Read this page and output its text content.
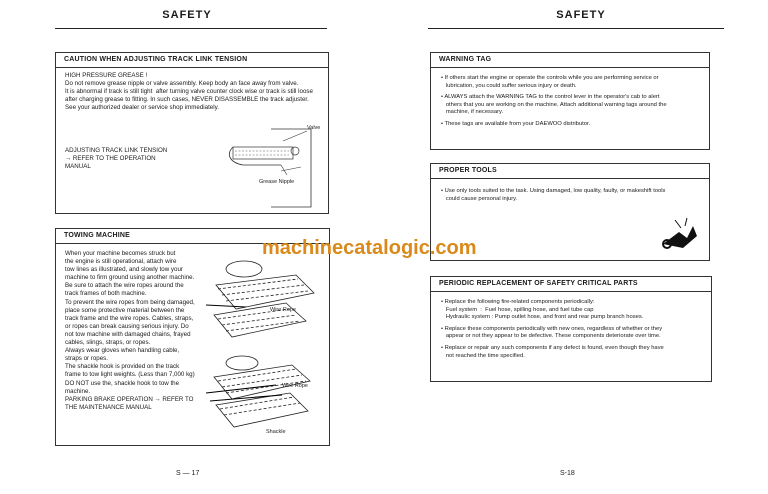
SAFETY
CAUTION WHEN ADJUSTING TRACK LINK TENSION
HIGH PRESSURE GREASE !
Do not remove grease nipple or valve assembly. Keep body an face away from valve.
It is abnormal if track is still tight  after turning valve counter clock wise or track is still loose
after charging grease to fitting. In such cases, NEVER DISASSEMBLE the track adjuster.
See your authorized dealer or service shop immediately.
ADJUSTING TRACK LINK TENSION
→ REFER TO THE OPERATION
MANUAL
Valve
Grease Nipple
TOWING MACHINE
When your machine becomes struck but
the engine is still operational, attach wire
tow lines as illustrated, and slowly tow your
machine to firm ground using another machine.
Be sure to attach the wire ropes around the
track frames of both machine.
To prevent the wire ropes from being damaged,
place some protective material between the
track frame and the wire ropes. Cables, straps,
or ropes can break causing serious injury. Do
not tow machine with damaged chains, frayed
cables, slings, straps, or ropes.
Always wear gloves when handling cable,
straps or ropes.
The shackle hook is provided on the track
frame to tow light weights. (Less than 7,000 kg)
DO NOT use the, shackle hook to tow the
machine.
PARKING BRAKE OPERATION → REFER TO
THE MAINTENANCE MANUAL
Wire Rope
Wire Rope
Shackle
S — 17
SAFETY
WARNING TAG

• If others start the engine or operate the controls while you are performing service or
lubrication, you could suffer serious injury or death.

• ALWAYS attach the WARNING TAG to the control lever in the operator's cab to alert
others that you are working on the machine. Attach additional warning tags around the
machine, if necessary.

• These tags are available from your DAEWOO distributor.

PROPER TOOLS

• Use only tools suited to the task. Using damaged, low quality, faulty, or makeshift tools
could cause personal injury.

PERIODIC REPLACEMENT OF SAFETY CRITICAL PARTS

• Replace the following fire-related components periodically:
Fuel system  :  Fuel hose, spilling hose, and fuel tube cap
Hydraulic system : Pump outlet hose, and front and rear pump branch hoses.

• Replace these components periodically with new ones, regardless of whether or they
appear or not they appear to be defective. These components deteriorate over time.

• Replace or repair any such components if any defect is found, even though they have
not reached the time specified.

S-18
machinecatalogic.com
